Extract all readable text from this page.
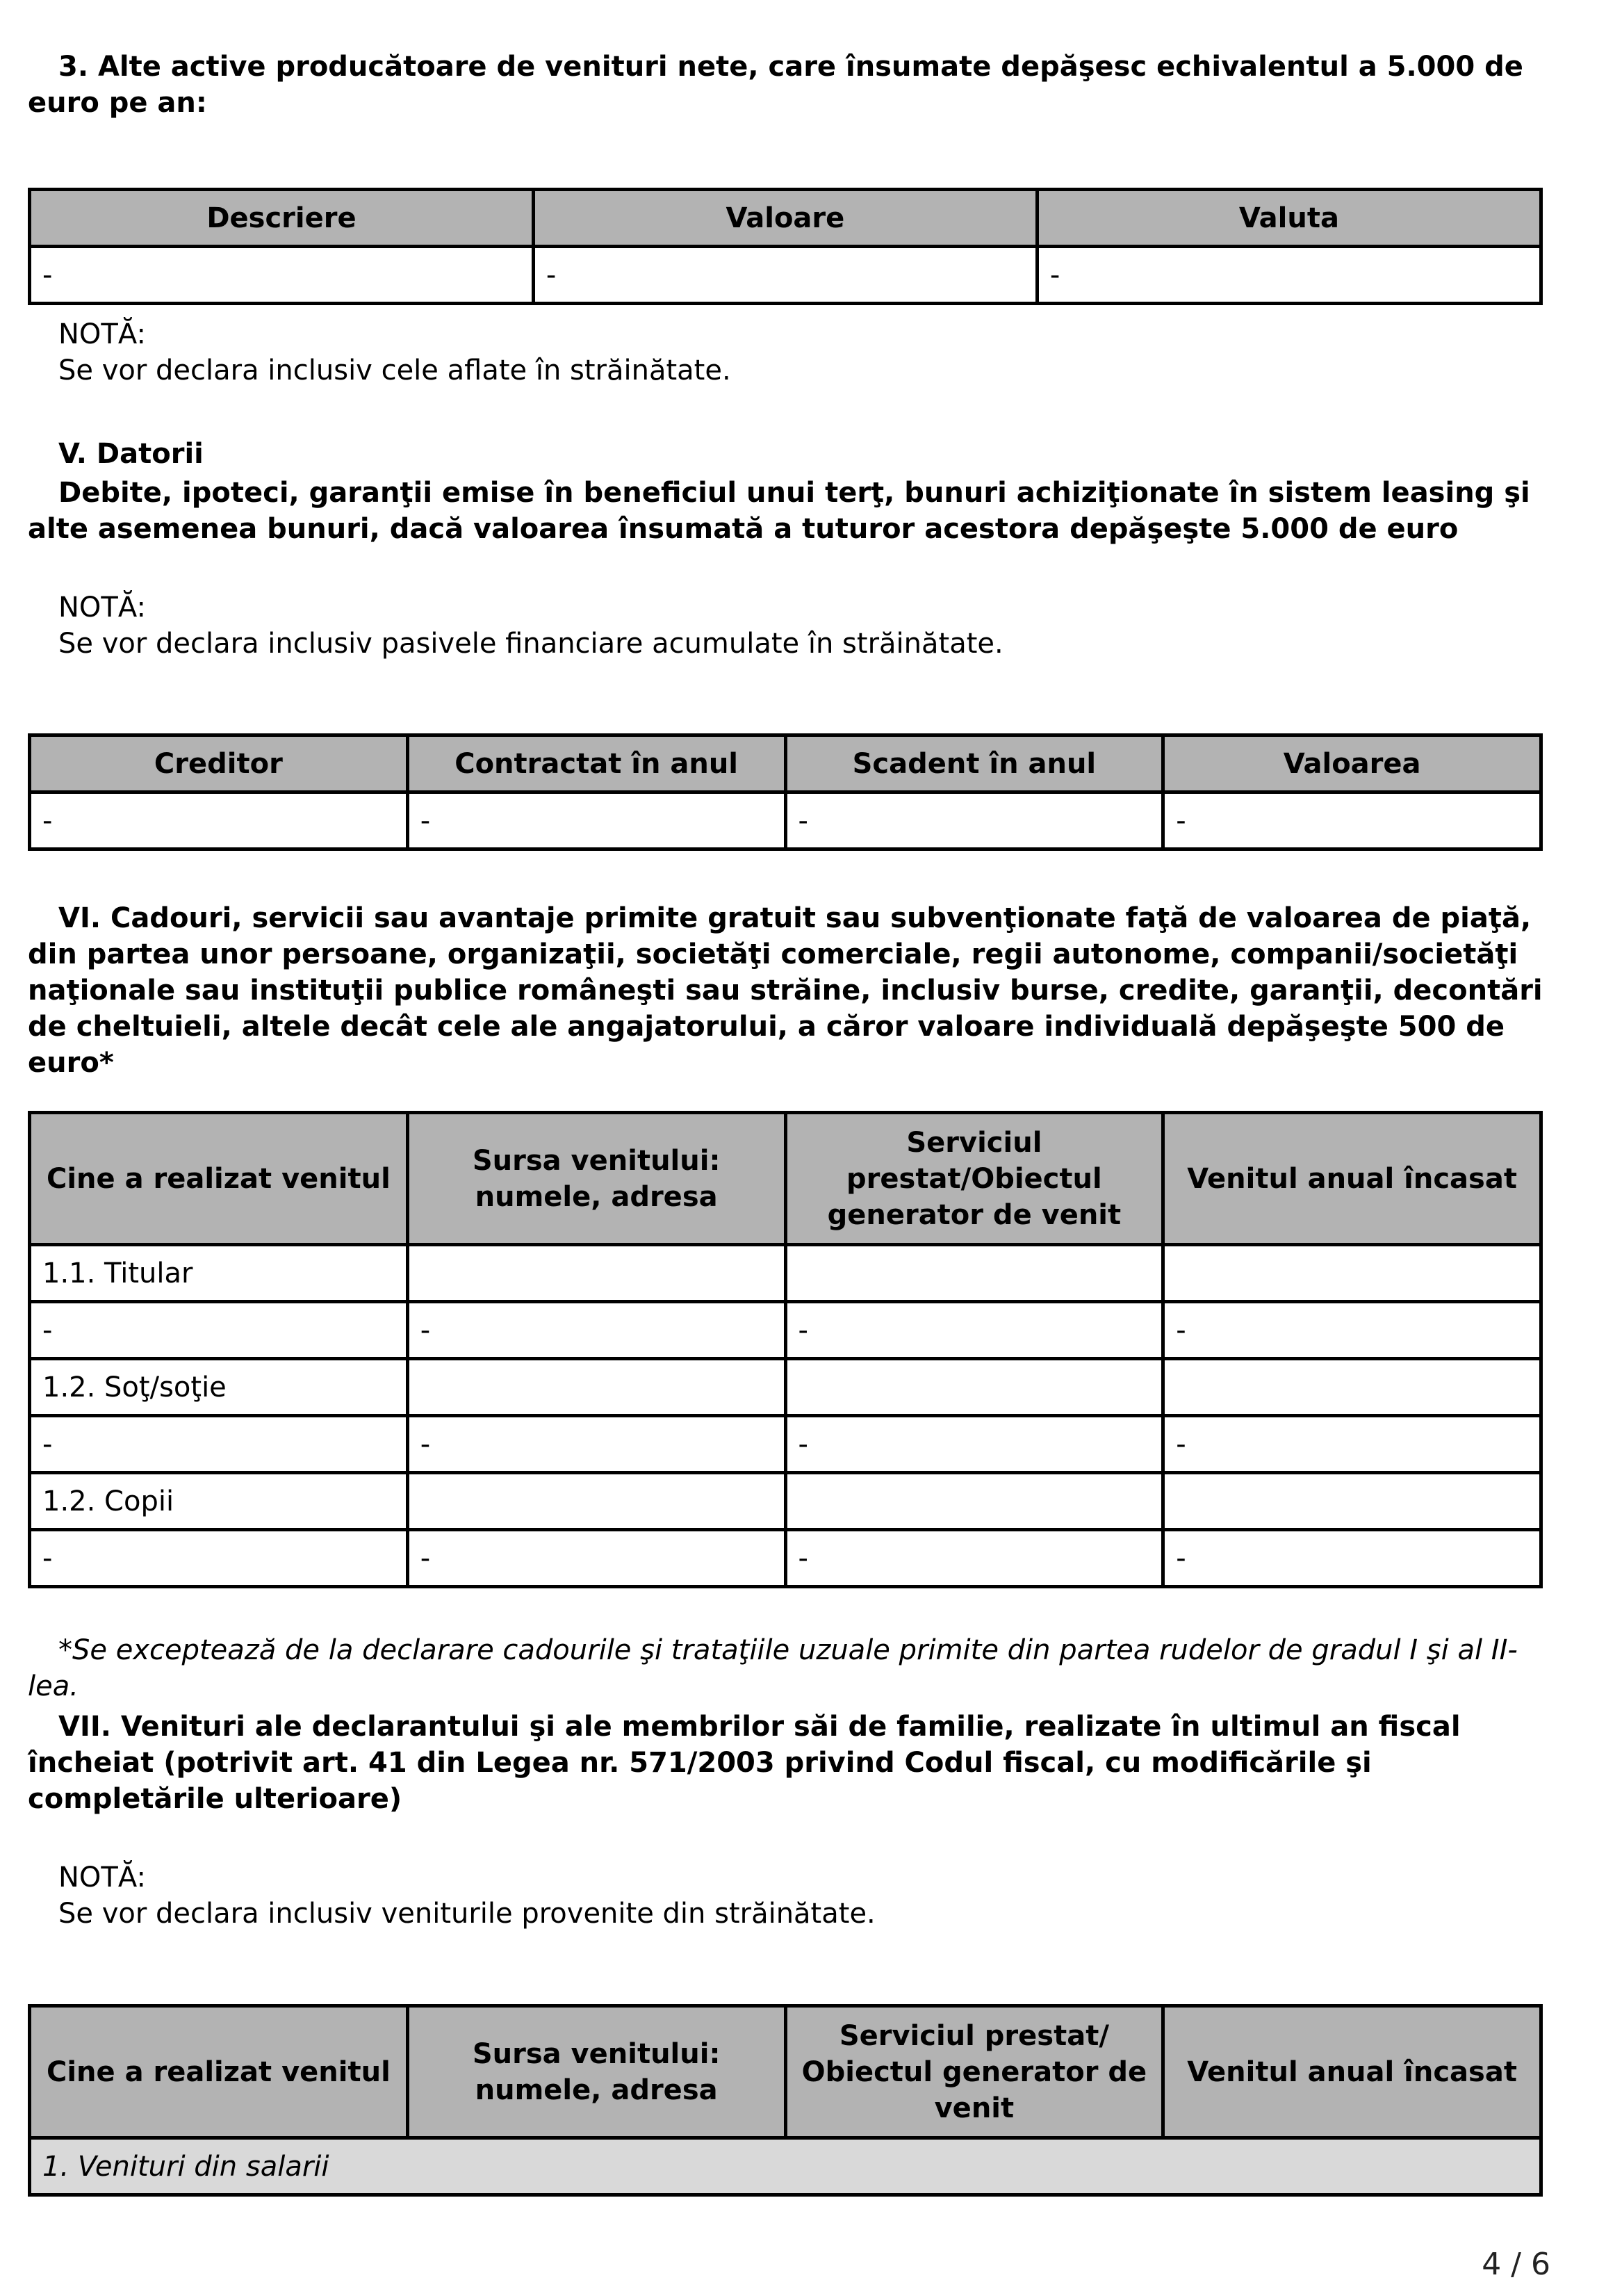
3. Alte active producătoare de venituri nete, care însumate depăşesc echivalentul a 5.000 de euro pe an:
Descriere	Valoare	Valuta
-	-	-
NOTĂ:
Se vor declara inclusiv cele aflate în străinătate.
V. Datorii
Debite, ipoteci, garanţii emise în beneficiul unui terţ, bunuri achiziţionate în sistem leasing şi alte asemenea bunuri, dacă valoarea însumată a tuturor acestora depăşeşte 5.000 de euro
NOTĂ:
Se vor declara inclusiv pasivele financiare acumulate în străinătate.
Creditor	Contractat în anul	Scadent în anul	Valoarea
-	-	-	-
VI. Cadouri, servicii sau avantaje primite gratuit sau subvenţionate faţă de valoarea de piaţă, din partea unor persoane, organizaţii, societăţi comerciale, regii autonome, companii/societăţi naţionale sau instituţii publice româneşti sau străine, inclusiv burse, credite, garanţii, decontări de cheltuieli, altele decât cele ale angajatorului, a căror valoare individuală depăşeşte 500 de euro*
Cine a realizat venitul	Sursa venitului: numele, adresa	Serviciul prestat/Obiectul generator de venit	Venitul anual încasat
1.1. Titular			
-	-	-	-
1.2. Soţ/soţie			
-	-	-	-
1.2. Copii			
-	-	-	-
*Se exceptează de la declarare cadourile şi trataţiile uzuale primite din partea rudelor de gradul I şi al II-lea.
VII. Venituri ale declarantului şi ale membrilor săi de familie, realizate în ultimul an fiscal încheiat (potrivit art. 41 din Legea nr. 571/2003 privind Codul fiscal, cu modificările şi completările ulterioare)
NOTĂ:
Se vor declara inclusiv veniturile provenite din străinătate.
Cine a realizat venitul	Sursa venitului: numele, adresa	Serviciul prestat/ Obiectul generator de venit	Venitul anual încasat
1. Venituri din salarii
4 / 6
